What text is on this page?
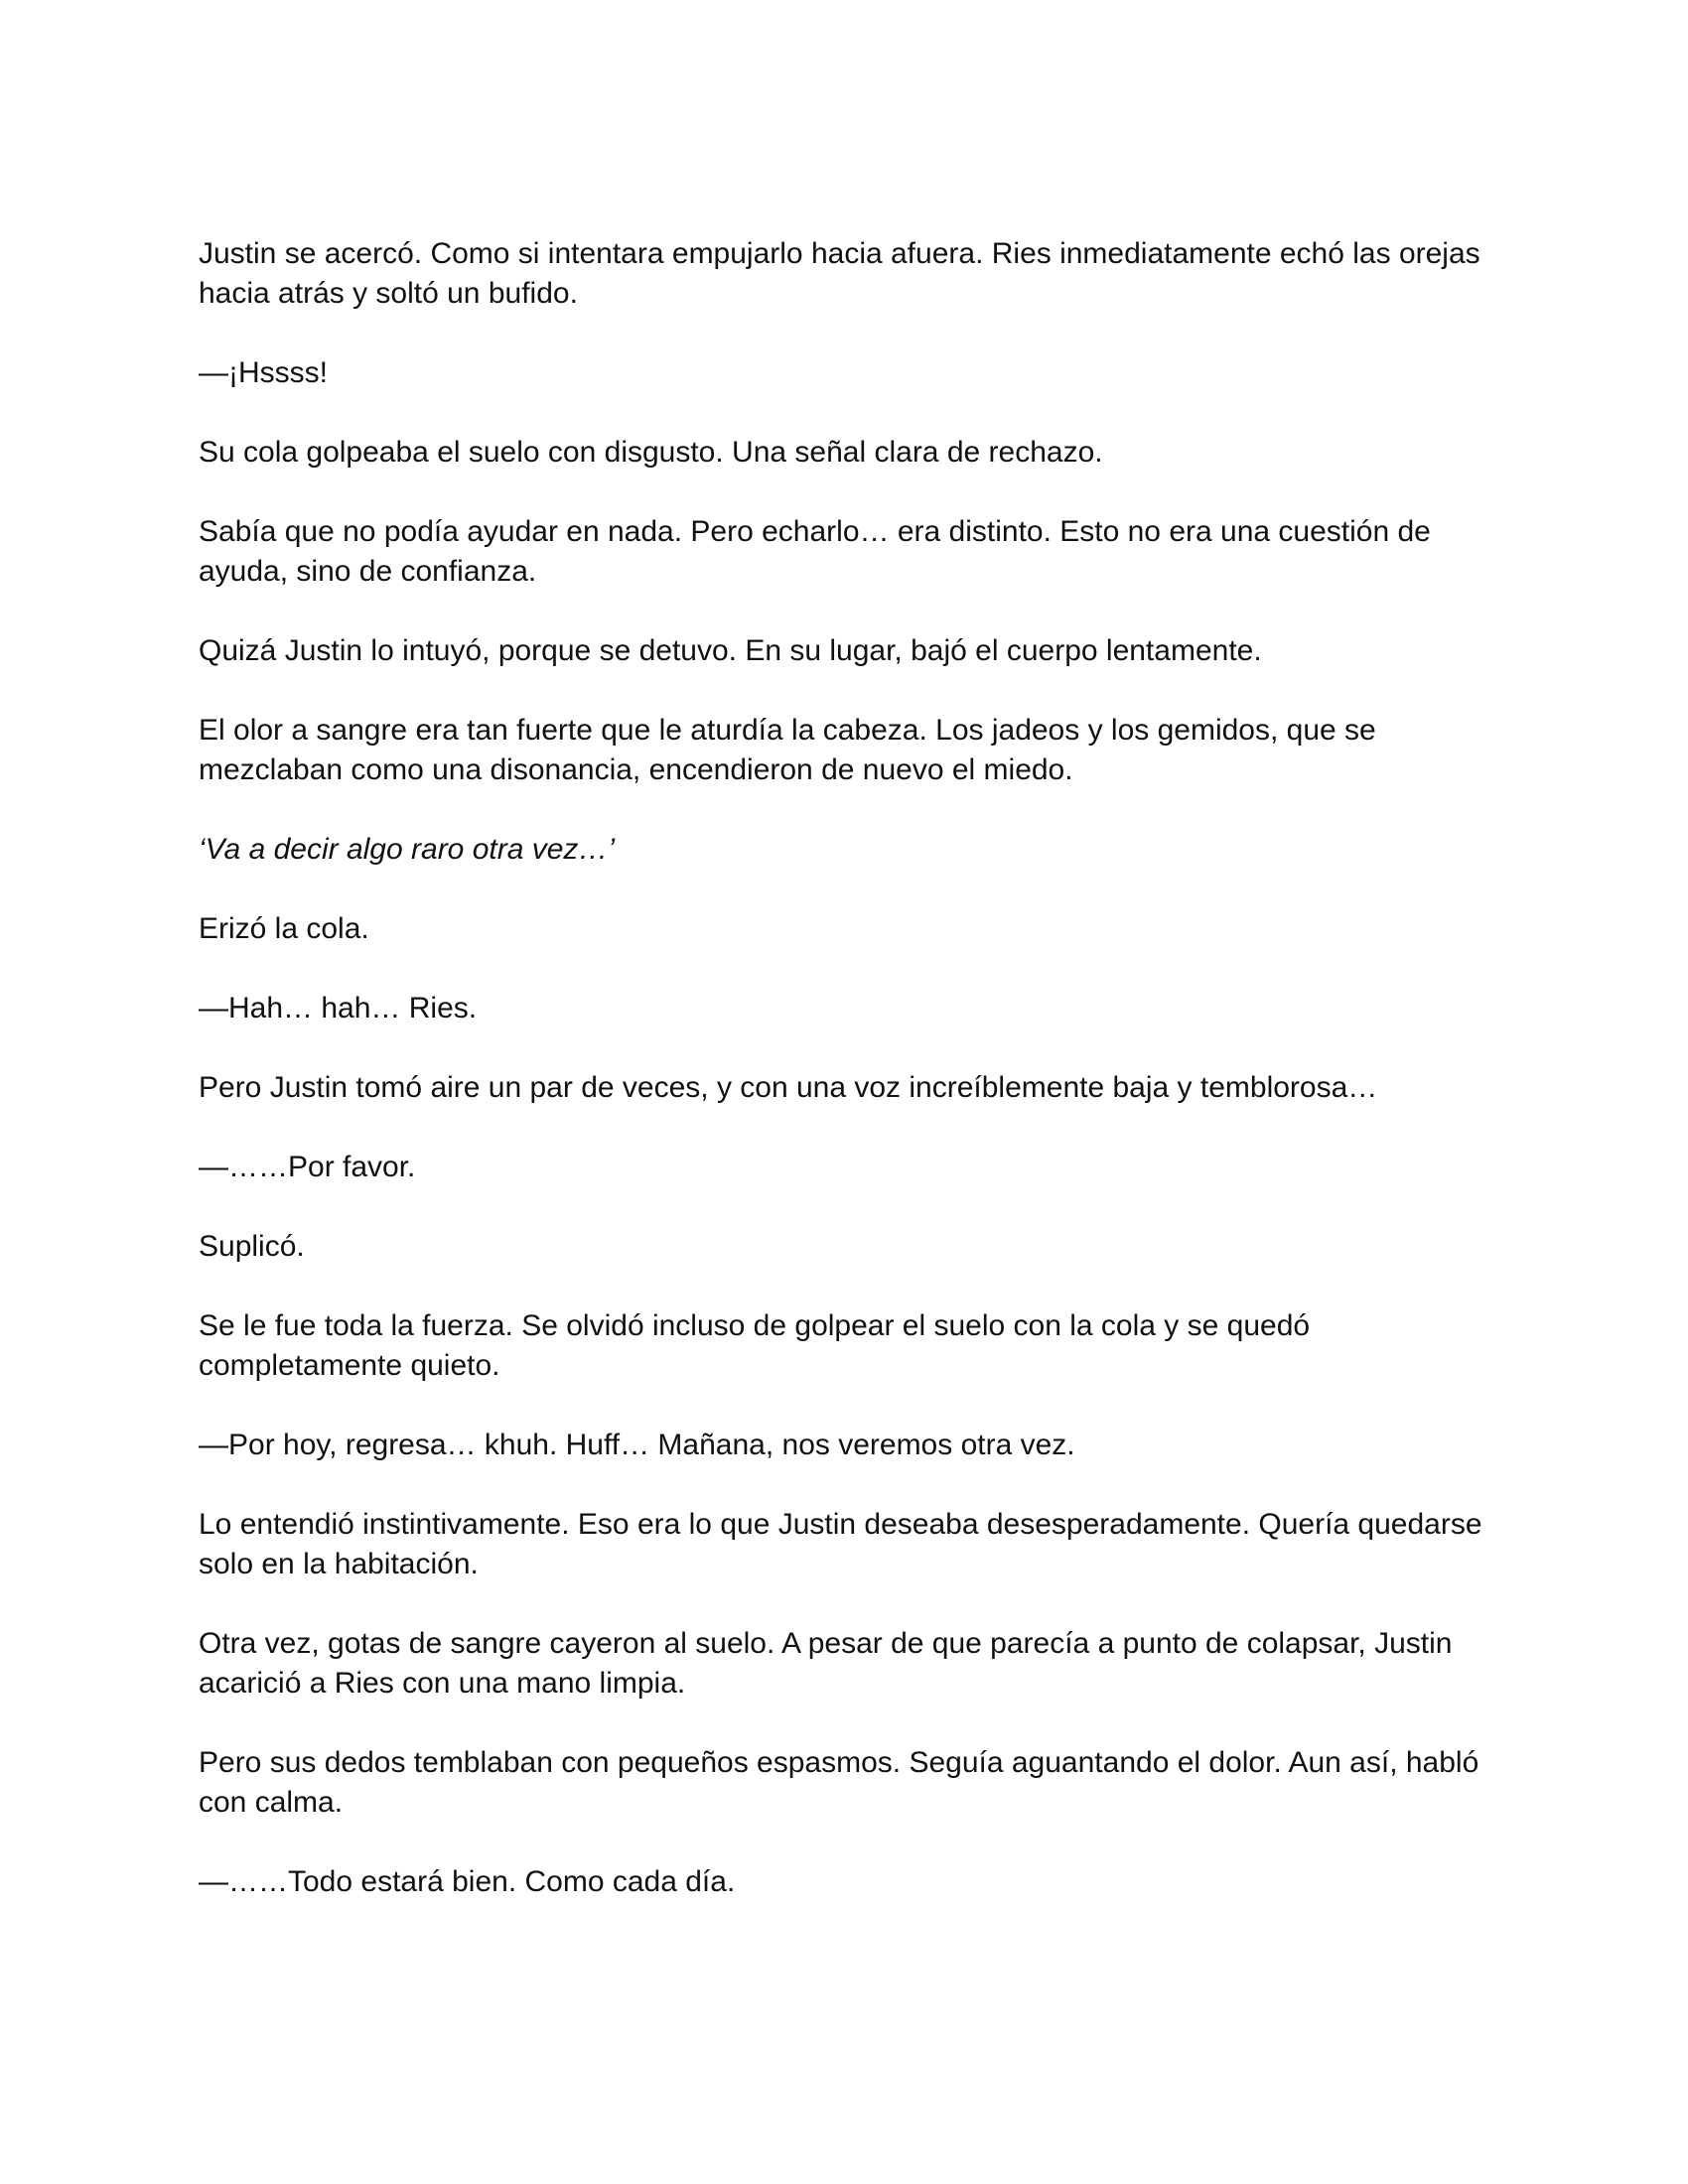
Justin se acercó. Como si intentara empujarlo hacia afuera. Ries inmediatamente echó las orejas hacia atrás y soltó un bufido.

—¡Hssss!

Su cola golpeaba el suelo con disgusto. Una señal clara de rechazo.

Sabía que no podía ayudar en nada. Pero echarlo… era distinto. Esto no era una cuestión de ayuda, sino de confianza.

Quizá Justin lo intuyó, porque se detuvo. En su lugar, bajó el cuerpo lentamente.

El olor a sangre era tan fuerte que le aturdía la cabeza. Los jadeos y los gemidos, que se mezclaban como una disonancia, encendieron de nuevo el miedo.

‘Va a decir algo raro otra vez…’

Erizó la cola.

—Hah… hah… Ries.

Pero Justin tomó aire un par de veces, y con una voz increíblemente baja y temblorosa…

—……Por favor.

Suplicó.

Se le fue toda la fuerza. Se olvidó incluso de golpear el suelo con la cola y se quedó completamente quieto.

—Por hoy, regresa… khuh. Huff… Mañana, nos veremos otra vez.

Lo entendió instintivamente. Eso era lo que Justin deseaba desesperadamente. Quería quedarse solo en la habitación.

Otra vez, gotas de sangre cayeron al suelo. A pesar de que parecía a punto de colapsar, Justin acarició a Ries con una mano limpia.

Pero sus dedos temblaban con pequeños espasmos. Seguía aguantando el dolor. Aun así, habló con calma.

—……Todo estará bien. Como cada día.
